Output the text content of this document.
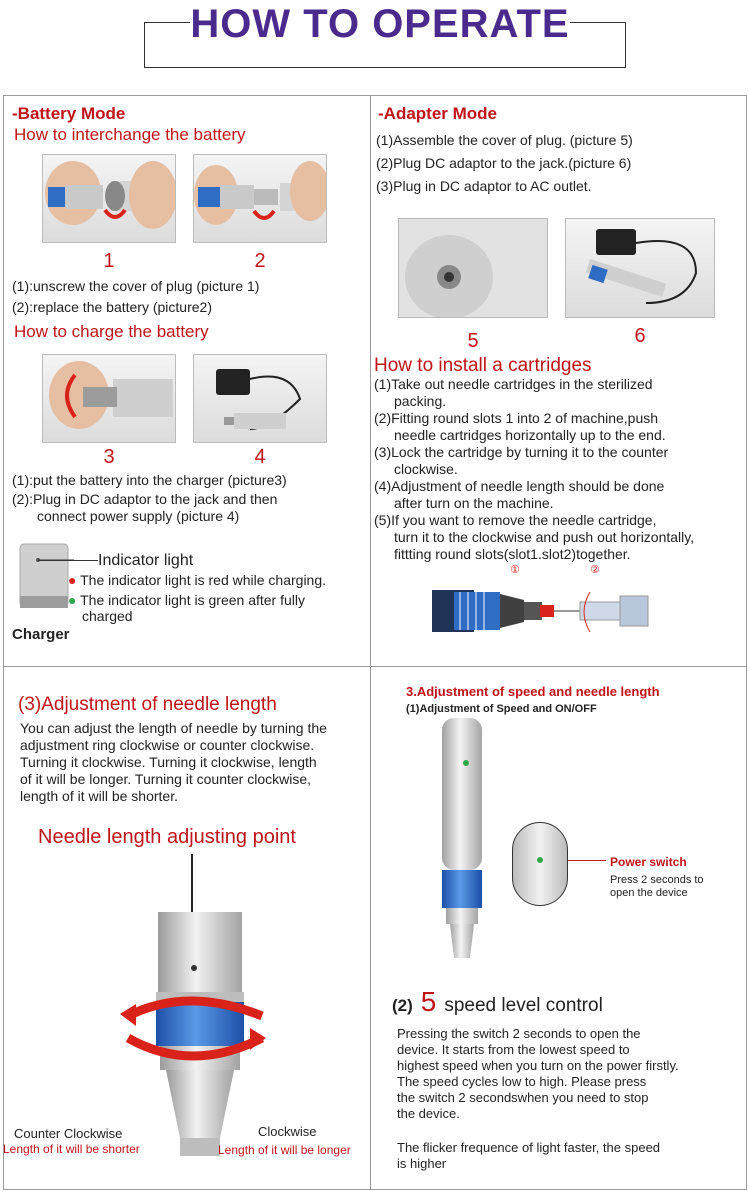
HOW TO OPERATE
-Battery Mode
How to interchange the battery
1	2
(1):unscrew the cover of plug (picture 1)
(2):replace the battery (picture2)
How to charge the battery
3	4
(1):put the battery into the charger (picture3)
(2):Plug in DC adaptor to the jack and then
connect power supply (picture 4)
Indicator light
● The indicator light is red while charging.
● The indicator light is green after fully
charged
Charger
-Adapter Mode
(1)Assemble the cover of plug. (picture 5)
(2)Plug DC adaptor to the jack.(picture 6)
(3)Plug in DC adaptor to AC outlet.
5	6
How to install a cartridges
(1)Take out needle cartridges in the sterilized
packing.
(2)Fitting round slots 1 into 2 of machine,push
needle cartridges horizontally up to the end.
(3)Lock the cartridge by turning it to the counter
clockwise.
(4)Adjustment of needle length should be done
after turn on the machine.
(5)If you want to remove the needle cartridge,
turn it to the clockwise and push out horizontally,
fittting round slots(slot1.slot2)together.
①	②
(3)Adjustment of needle length
You can adjust the length of needle by turning the
adjustment ring clockwise or counter clockwise.
Turning it clockwise. Turning it clockwise, length
of it will be longer. Turning it counter clockwise,
length of it will be shorter.
Needle length adjusting point
Counter Clockwise
Length of it will be shorter
Clockwise
Length of it will be longer
3.Adjustment of speed and needle length
(1)Adjustment of Speed and ON/OFF
Power switch
Press 2 seconds to
open the device
(2) 5 speed level control
Pressing the switch 2 seconds to open the
device. It starts from the lowest speed to
highest speed when you turn on the power firstly.
The speed cycles low to high. Please press
the switch 2 secondswhen you need to stop
the device.
The flicker frequence of light faster, the speed
is higher
